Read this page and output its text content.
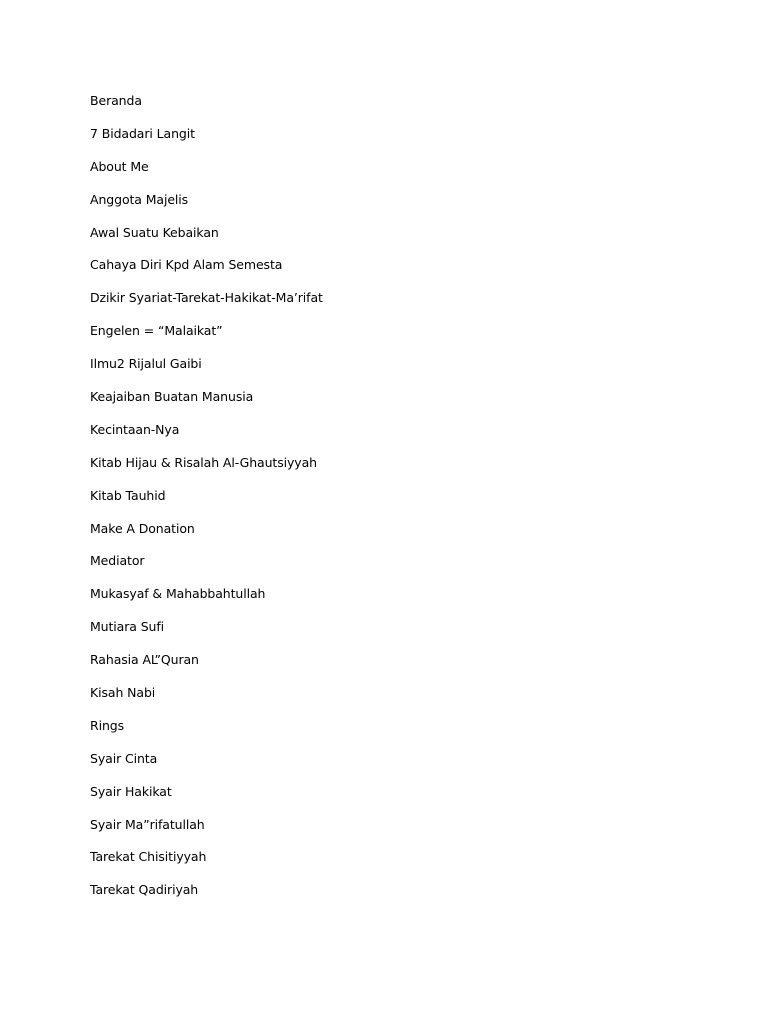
Beranda
7 Bidadari Langit
About Me
Anggota Majelis
Awal Suatu Kebaikan
Cahaya Diri Kpd Alam Semesta
Dzikir Syariat-Tarekat-Hakikat-Ma’rifat
Engelen = “Malaikat”
Ilmu2 Rijalul Gaibi
Keajaiban Buatan Manusia
Kecintaan-Nya
Kitab Hijau & Risalah Al-Ghautsiyyah
Kitab Tauhid
Make A Donation
Mediator
Mukasyaf & Mahabbahtullah
Mutiara Sufi
Rahasia AL”Quran
Kisah Nabi
Rings
Syair Cinta
Syair Hakikat
Syair Ma”rifatullah
Tarekat Chisitiyyah
Tarekat Qadiriyah
